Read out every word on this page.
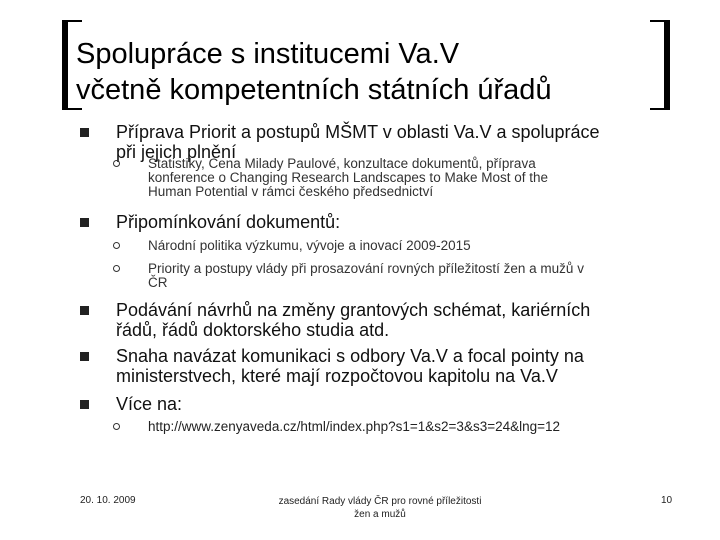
Spolupráce s institucemi Va.V
včetně kompetentních státních úřadů
Příprava Priorit a postupů MŠMT v oblasti Va.V a spolupráce
při jejich plnění
Statistiky, Cena Milady Paulové, konzultace dokumentů, příprava
konference o Changing Research Landscapes to Make Most of the
Human Potential v rámci českého předsednictví
Připomínkování dokumentů:
Národní politika výzkumu, vývoje a inovací 2009-2015
Priority a postupy vlády při prosazování rovných příležitostí žen a mužů v
ČR
Podávání návrhů na změny grantových schémat, kariérních
řádů, řádů doktorského studia atd.
Snaha navázat komunikaci s odbory Va.V a focal pointy na
ministerstvech, které mají rozpočtovou kapitolu na Va.V
Více na:
http://www.zenyaveda.cz/html/index.php?s1=1&s2=3&s3=24&lng=12
20. 10. 2009	zasedání Rady vlády ČR pro rovné příležitosti
žen a mužů
10
